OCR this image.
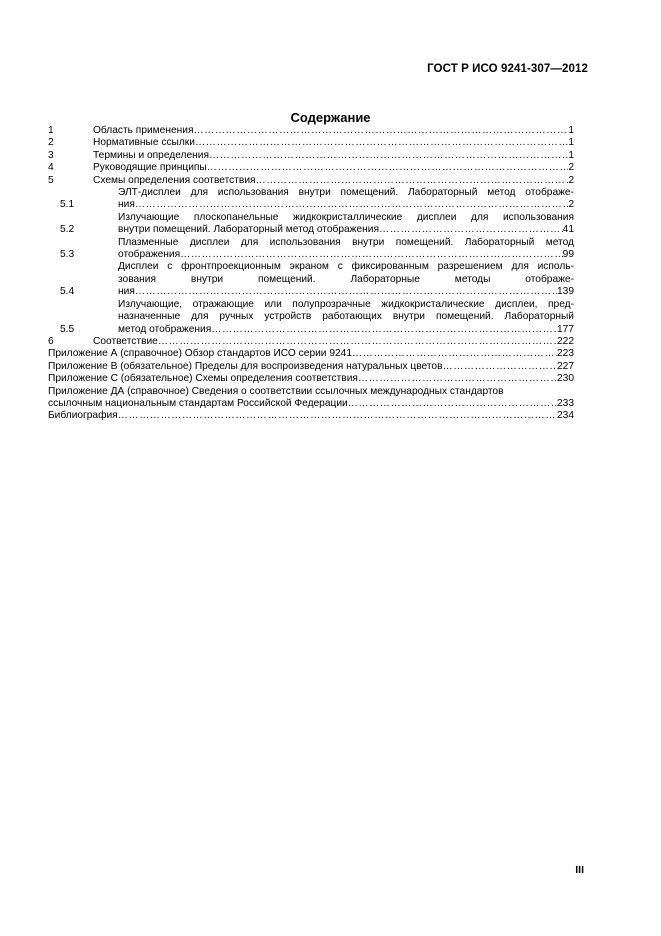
ГОСТ Р ИСО 9241-307—2012
Содержание
1	Область применения ……………………………………………………………………………………………………………………………………………………………………	1
2	Нормативные ссылки ……………………………………………………………………………………………………………………………………………………………………	1
3	Термины и определения ……………………………………………………………………………………………………………………………………………………………………	1
4	Руководящие принципы ……………………………………………………………………………………………………………………………………………………………………	2
5	Схемы определения соответствия ……………………………………………………………………………………………………………………………………………………………………	2
5.1
ЭЛТ-дисплеи для использования внутри помещений. Лабораторный метод отображе-
ния ……………………………………………………………………………………………………………………………………………………………………	2
5.2
Излучающие плоскопанельные жидкокристаллические дисплеи для использования
внутри помещений. Лабораторный метод отображения ……………………………………………………………………………………………………………………………………………………………………	41
5.3
Плазменные дисплеи для использования внутри помещений. Лабораторный метод
отображения ……………………………………………………………………………………………………………………………………………………………………	99
5.4
Дисплеи с фронтпроекционным экраном с фиксированным разрешением для исполь-
зования внутри помещений. Лабораторные методы отображе-
ния ……………………………………………………………………………………………………………………………………………………………………	139
5.5
Излучающие, отражающие или полупрозрачные жидкокристалические дисплеи, пред-
назначенные для ручных устройств работающих внутри помещений. Лабораторный
метод отображения ……………………………………………………………………………………………………………………………………………………………………	177
6	Соответствие ……………………………………………………………………………………………………………………………………………………………………	222
Приложение А (справочное) Обзор стандартов ИСО серии 9241 ……………………………………………………………………………………………………………………………………………………………………	223
Приложение В (обязательное) Пределы для воспроизведения натуральных цветов ……………………………………………………………………………………………………………………………………………………………………	227
Приложение С (обязательное) Схемы определения соответствия ……………………………………………………………………………………………………………………………………………………………………	230
Приложение ДА (справочное) Сведения о соответствии ссылочных международных стандартов
ссылочным национальным стандартам Российской Федерации ……………………………………………………………………………………………………………………………………………………………………	233
Библиография ……………………………………………………………………………………………………………………………………………………………………	234
III
